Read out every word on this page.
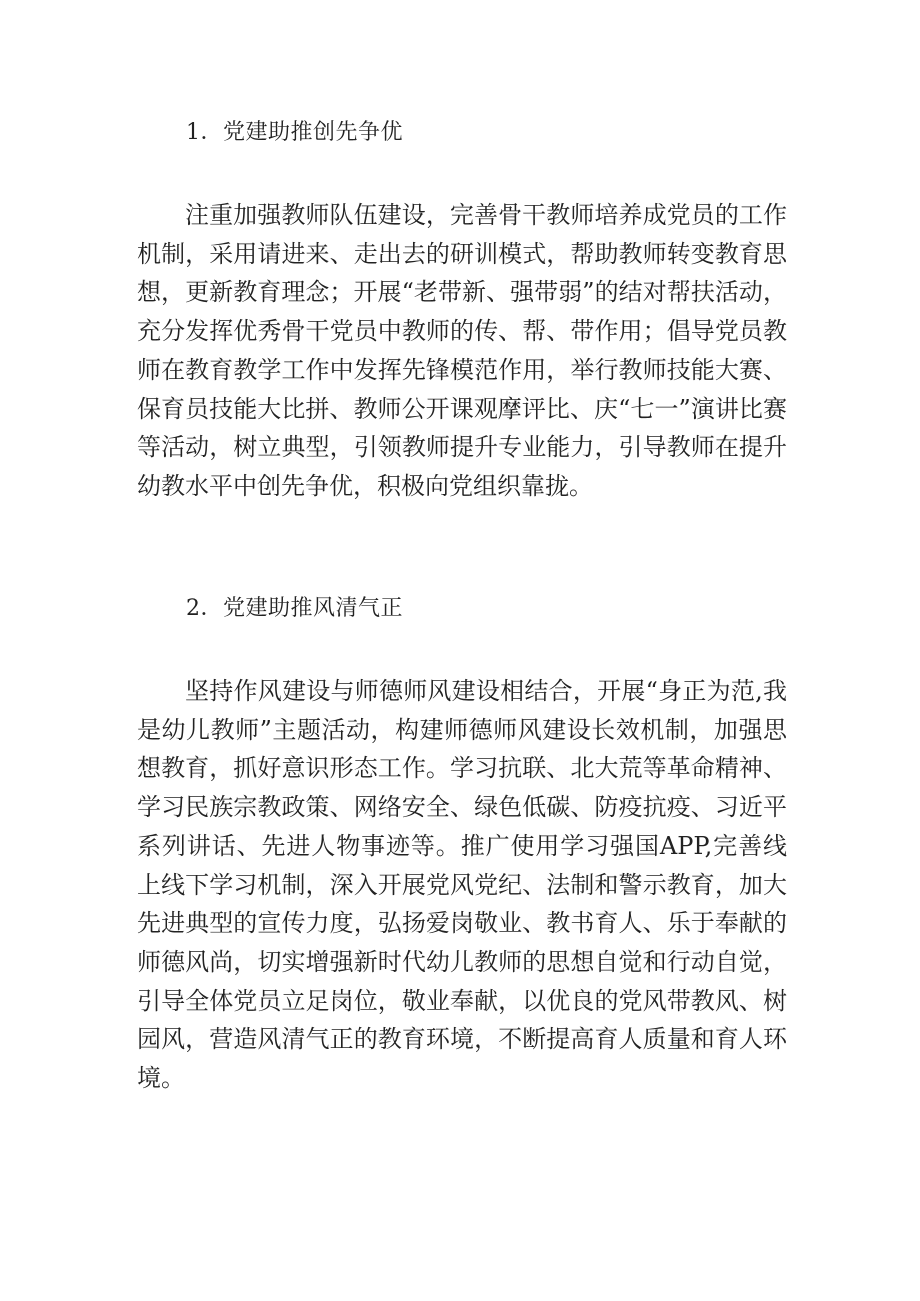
1．党建助推创先争优

注重加强教师队伍建设，完善骨干教师培养成党员的工作机制，采用请进来、走出去的研训模式，帮助教师转变教育思想，更新教育理念；开展“老带新、强带弱”的结对帮扶活动，充分发挥优秀骨干党员中教师的传、帮、带作用；倡导党员教师在教育教学工作中发挥先锋模范作用，举行教师技能大赛、保育员技能大比拼、教师公开课观摩评比、庆“七一”演讲比赛等活动，树立典型，引领教师提升专业能力，引导教师在提升幼教水平中创先争优，积极向党组织靠拢。

2．党建助推风清气正

坚持作风建设与师德师风建设相结合，开展“身正为范,我是幼儿教师”主题活动，构建师德师风建设长效机制，加强思想教育，抓好意识形态工作。学习抗联、北大荒等革命精神、学习民族宗教政策、网络安全、绿色低碳、防疫抗疫、习近平系列讲话、先进人物事迹等。推广使用学习强国APP,完善线上线下学习机制，深入开展党风党纪、法制和警示教育，加大先进典型的宣传力度，弘扬爱岗敬业、教书育人、乐于奉献的师德风尚，切实增强新时代幼儿教师的思想自觉和行动自觉，引导全体党员立足岗位，敬业奉献，以优良的党风带教风、树园风，营造风清气正的教育环境，不断提高育人质量和育人环境。
